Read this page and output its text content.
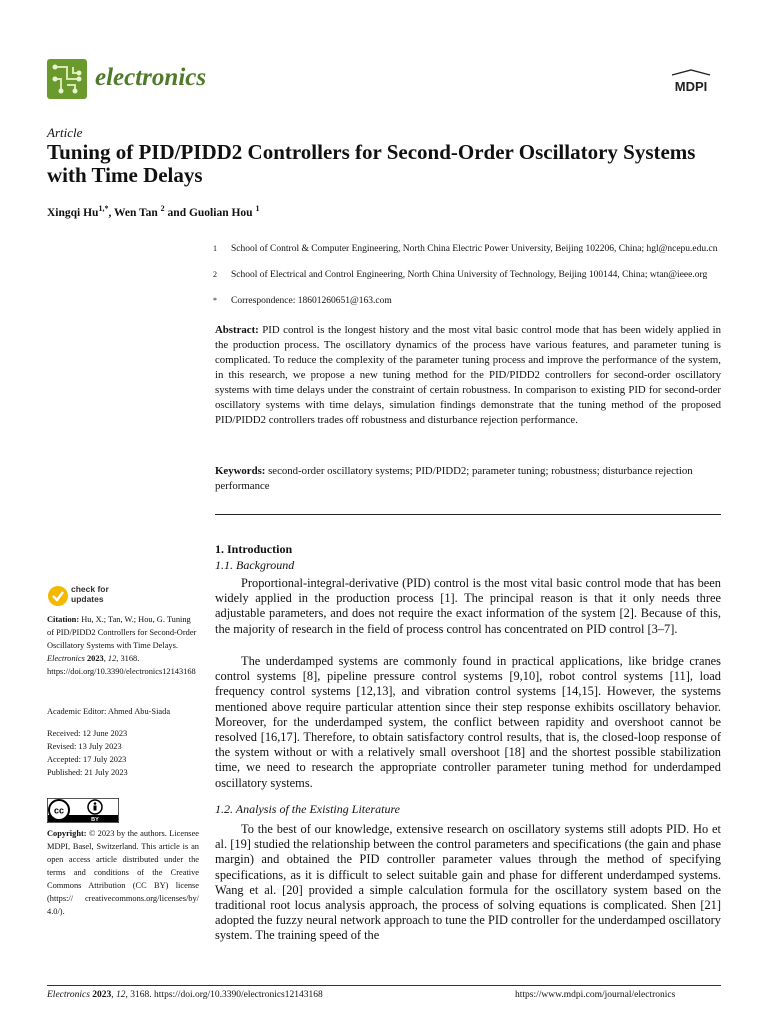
electronics	MDPI
Article
Tuning of PID/PIDD2 Controllers for Second-Order Oscillatory Systems with Time Delays
Xingqi $Hu^{1,*}$, Wen Tan $^2$ and Guolian Hou $^1$
1 School of Control & Computer Engineering, North China Electric Power University, Beijing 102206, China; hgl@ncepu.edu.cn
2 School of Electrical and Control Engineering, North China University of Technology, Beijing 100144, China; wtan@ieee.org
* Correspondence: 18601260651@163.com
Abstract: PID control is the longest history and the most vital basic control mode that has been widely applied in the production process. The oscillatory dynamics of the process have various features, and parameter tuning is complicated. To reduce the complexity of the parameter tuning process and improve the performance of the system, in this research, we propose a new tuning method for the PID/PIDD2 controllers for second-order oscillatory systems with time delays under the constraint of certain robustness. In comparison to existing PID for second-order oscillatory systems with time delays, simulation findings demonstrate that the tuning method of the proposed PID/PIDD2 controllers trades off robustness and disturbance rejection performance.
Keywords: second-order oscillatory systems; PID/PIDD2; parameter tuning; robustness; disturbance rejection performance
check for
updates
Citation: Hu, X.; Tan, W.; Hou, G. Tuning of PID/PIDD2 Controllers for Second-Order Oscillatory Systems with Time Delays. Electronics 2023, 12, 3168. https://doi.org/10.3390/electronics12143168
Academic Editor: Ahmed Abu-Siada
Received: 12 June 2023
Revised: 13 July 2023
Accepted: 17 July 2023
Published: 21 July 2023
cc
BY
Copyright: © 2023 by the authors. Licensee MDPI, Basel, Switzerland. This article is an open access article distributed under the terms and conditions of the Creative Commons Attribution (CC BY) license (https:// creativecommons.org/licenses/by/ 4.0/).
1. Introduction
1.1. Background
Proportional-integral-derivative (PID) control is the most vital basic control mode that has been widely applied in the production process [1]. The principal reason is that it only needs three adjustable parameters, and does not require the exact information of the system [2]. Because of this, the majority of research in the field of process control has concentrated on PID control [3–7].
The underdamped systems are commonly found in practical applications, like bridge cranes control systems [8], pipeline pressure control systems [9,10], robot control systems [11], load frequency control systems [12,13], and vibration control systems [14,15]. However, the systems mentioned above require particular attention since their step response exhibits oscillatory behavior. Moreover, for the underdamped system, the conflict between rapidity and overshoot cannot be resolved [16,17]. Therefore, to obtain satisfactory control results, that is, the closed-loop response of the system without or with a relatively small overshoot [18] and the shortest possible stabilization time, we need to research the appropriate controller parameter tuning method for underdamped oscillatory systems.
1.2. Analysis of the Existing Literature
To the best of our knowledge, extensive research on oscillatory systems still adopts PID. Ho et al. [19] studied the relationship between the control parameters and specifications (the gain and phase margin) and obtained the PID controller parameter values through the method of specifying specifications, as it is difficult to select suitable gain and phase for different underdamped systems. Wang et al. [20] provided a simple calculation formula for the oscillatory system based on the traditional root locus analysis approach, the process of solving equations is complicated. Shen [21] adopted the fuzzy neural network approach to tune the PID controller for the underdamped oscillatory system. The training speed of the
Electronics 2023, 12, 3168. https://doi.org/10.3390/electronics12143168	https://www.mdpi.com/journal/electronics
